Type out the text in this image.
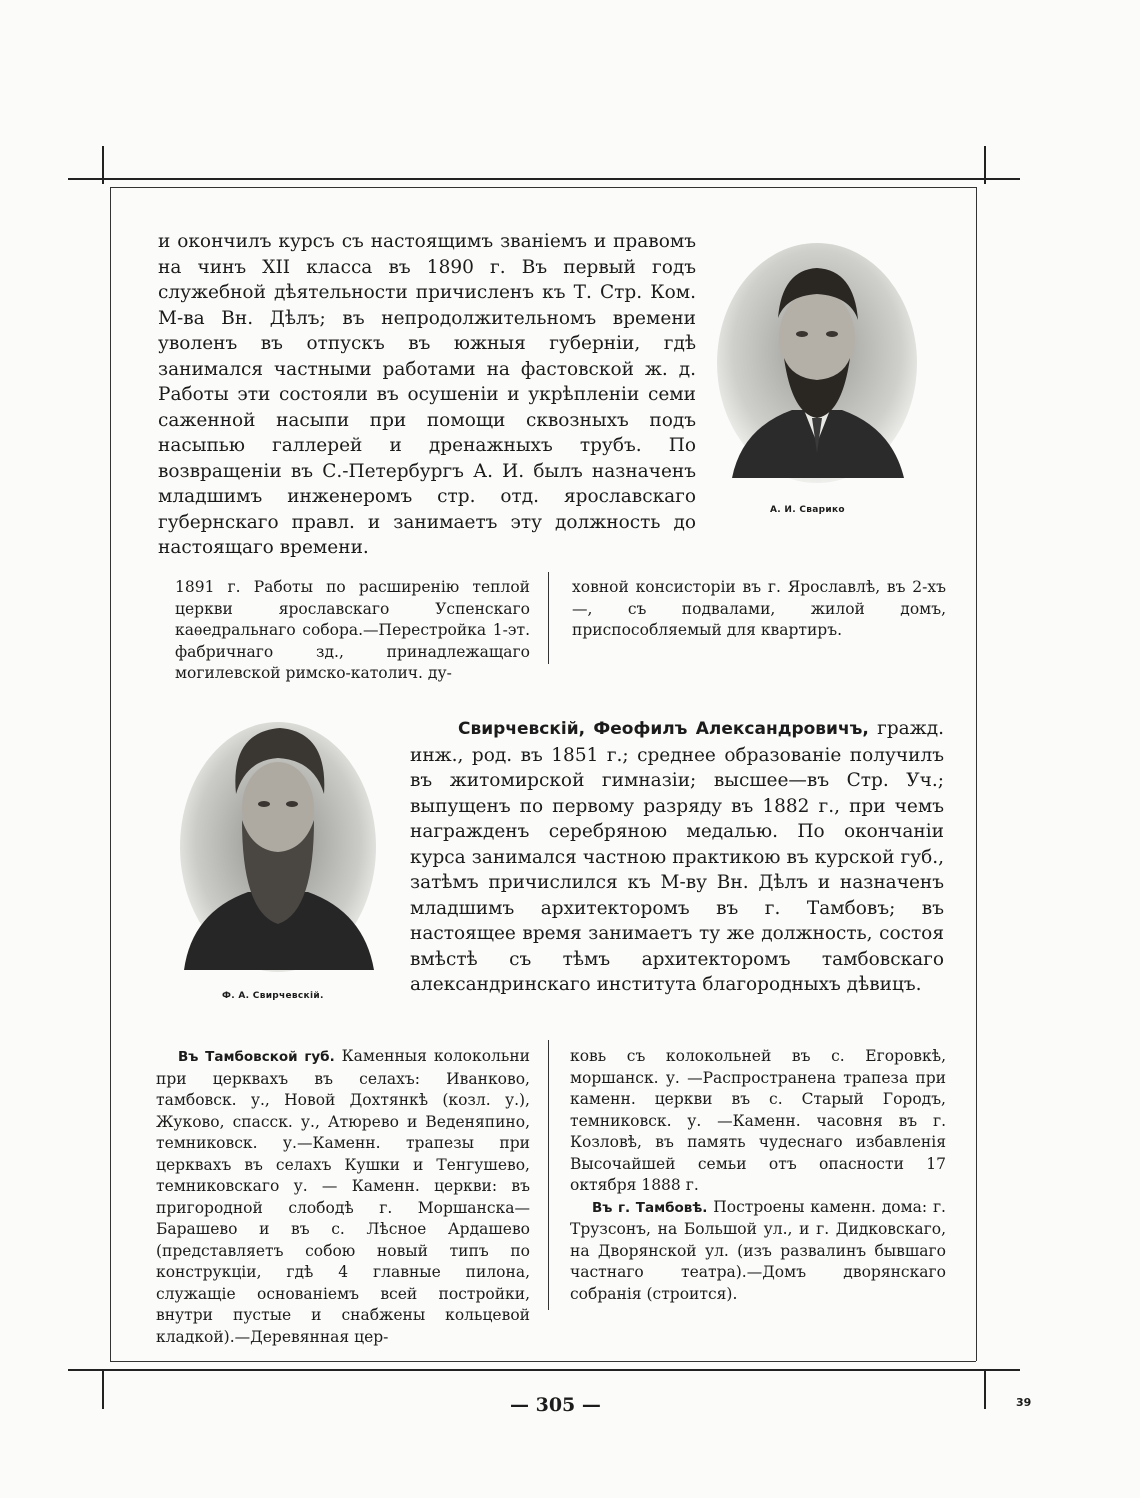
и окончилъ курсъ съ настоящимъ званіемъ и правомъ на чинъ XII класса въ 1890 г. Въ первый годъ служебной дѣятельности причисленъ къ Т. Стр. Ком. М-ва Вн. Дѣлъ; въ непродолжительномъ времени уволенъ въ отпускъ въ южныя губерніи, гдѣ занимался частными работами на фастовской ж. д. Работы эти состояли въ осушеніи и укрѣпленіи семи саженной насыпи при помощи сквозныхъ подъ насыпью галлерей и дренажныхъ трубъ. По возвращеніи въ С.-Петербургъ А. И. былъ назначенъ младшимъ инженеромъ стр. отд. ярославскаго губернскаго правл. и занимаетъ эту должность до настоящаго времени.

А. И. Сварико

1891 г. Работы по расширенію теплой церкви ярославскаго Успенскаго каѳедральнаго собора.—Перестройка 1-эт. фабричнаго зд., принадлежащаго могилевской римско-католич. ду-

ховной консисторіи въ г. Ярославлѣ, въ 2-хъ—, съ подвалами, жилой домъ, приспособляемый для квартиръ.

Ф. А. Свирчевскій.

Свирчевскій, Феофилъ Александровичъ, гражд. инж., род. въ 1851 г.; среднее образованіе получилъ въ житомирской гимназіи; высшее—въ Стр. Уч.; выпущенъ по первому разряду въ 1882 г., при чемъ награжденъ серебряною медалью. По окончаніи курса занимался частною практикою въ курской губ., затѣмъ причислился къ М-ву Вн. Дѣлъ и назначенъ младшимъ архитекторомъ въ г. Тамбовъ; въ настоящее время занимаетъ ту же должность, состоя вмѣстѣ съ тѣмъ архитекторомъ тамбовскаго александринскаго института благородныхъ дѣвицъ.

Въ Тамбовской губ. Каменныя колокольни при церквахъ въ селахъ: Иванково, тамбовск. у., Новой Дохтянкѣ (козл. у.), Жуково, спасск. у., Атюрево и Веденяпино, темниковск. у.—Каменн. трапезы при церквахъ въ селахъ Кушки и Тенгушево, темниковскаго у. — Каменн. церкви: въ пригородной слободѣ г. Моршанска—Барашево и въ с. Лѣсное Ардашево (представляетъ собою новый типъ по конструкціи, гдѣ 4 главные пилона, служащіе основаніемъ всей постройки, внутри пустые и снабжены кольцевой кладкой).—Деревянная цер-

ковь съ колокольней въ с. Егоровкѣ, моршанск. у. —Распространена трапеза при каменн. церкви въ с. Старый Городъ, темниковск. у. —Каменн. часовня въ г. Козловѣ, въ память чудеснаго избавленія Высочайшей семьи отъ опасности 17 октября 1888 г.

Въ г. Тамбовѣ. Построены каменн. дома: г. Трузсонъ, на Большой ул., и г. Дидковскаго, на Дворянской ул. (изъ развалинъ бывшаго частнаго театра).—Домъ дворянскаго собранія (строится).

— 305 —	39
